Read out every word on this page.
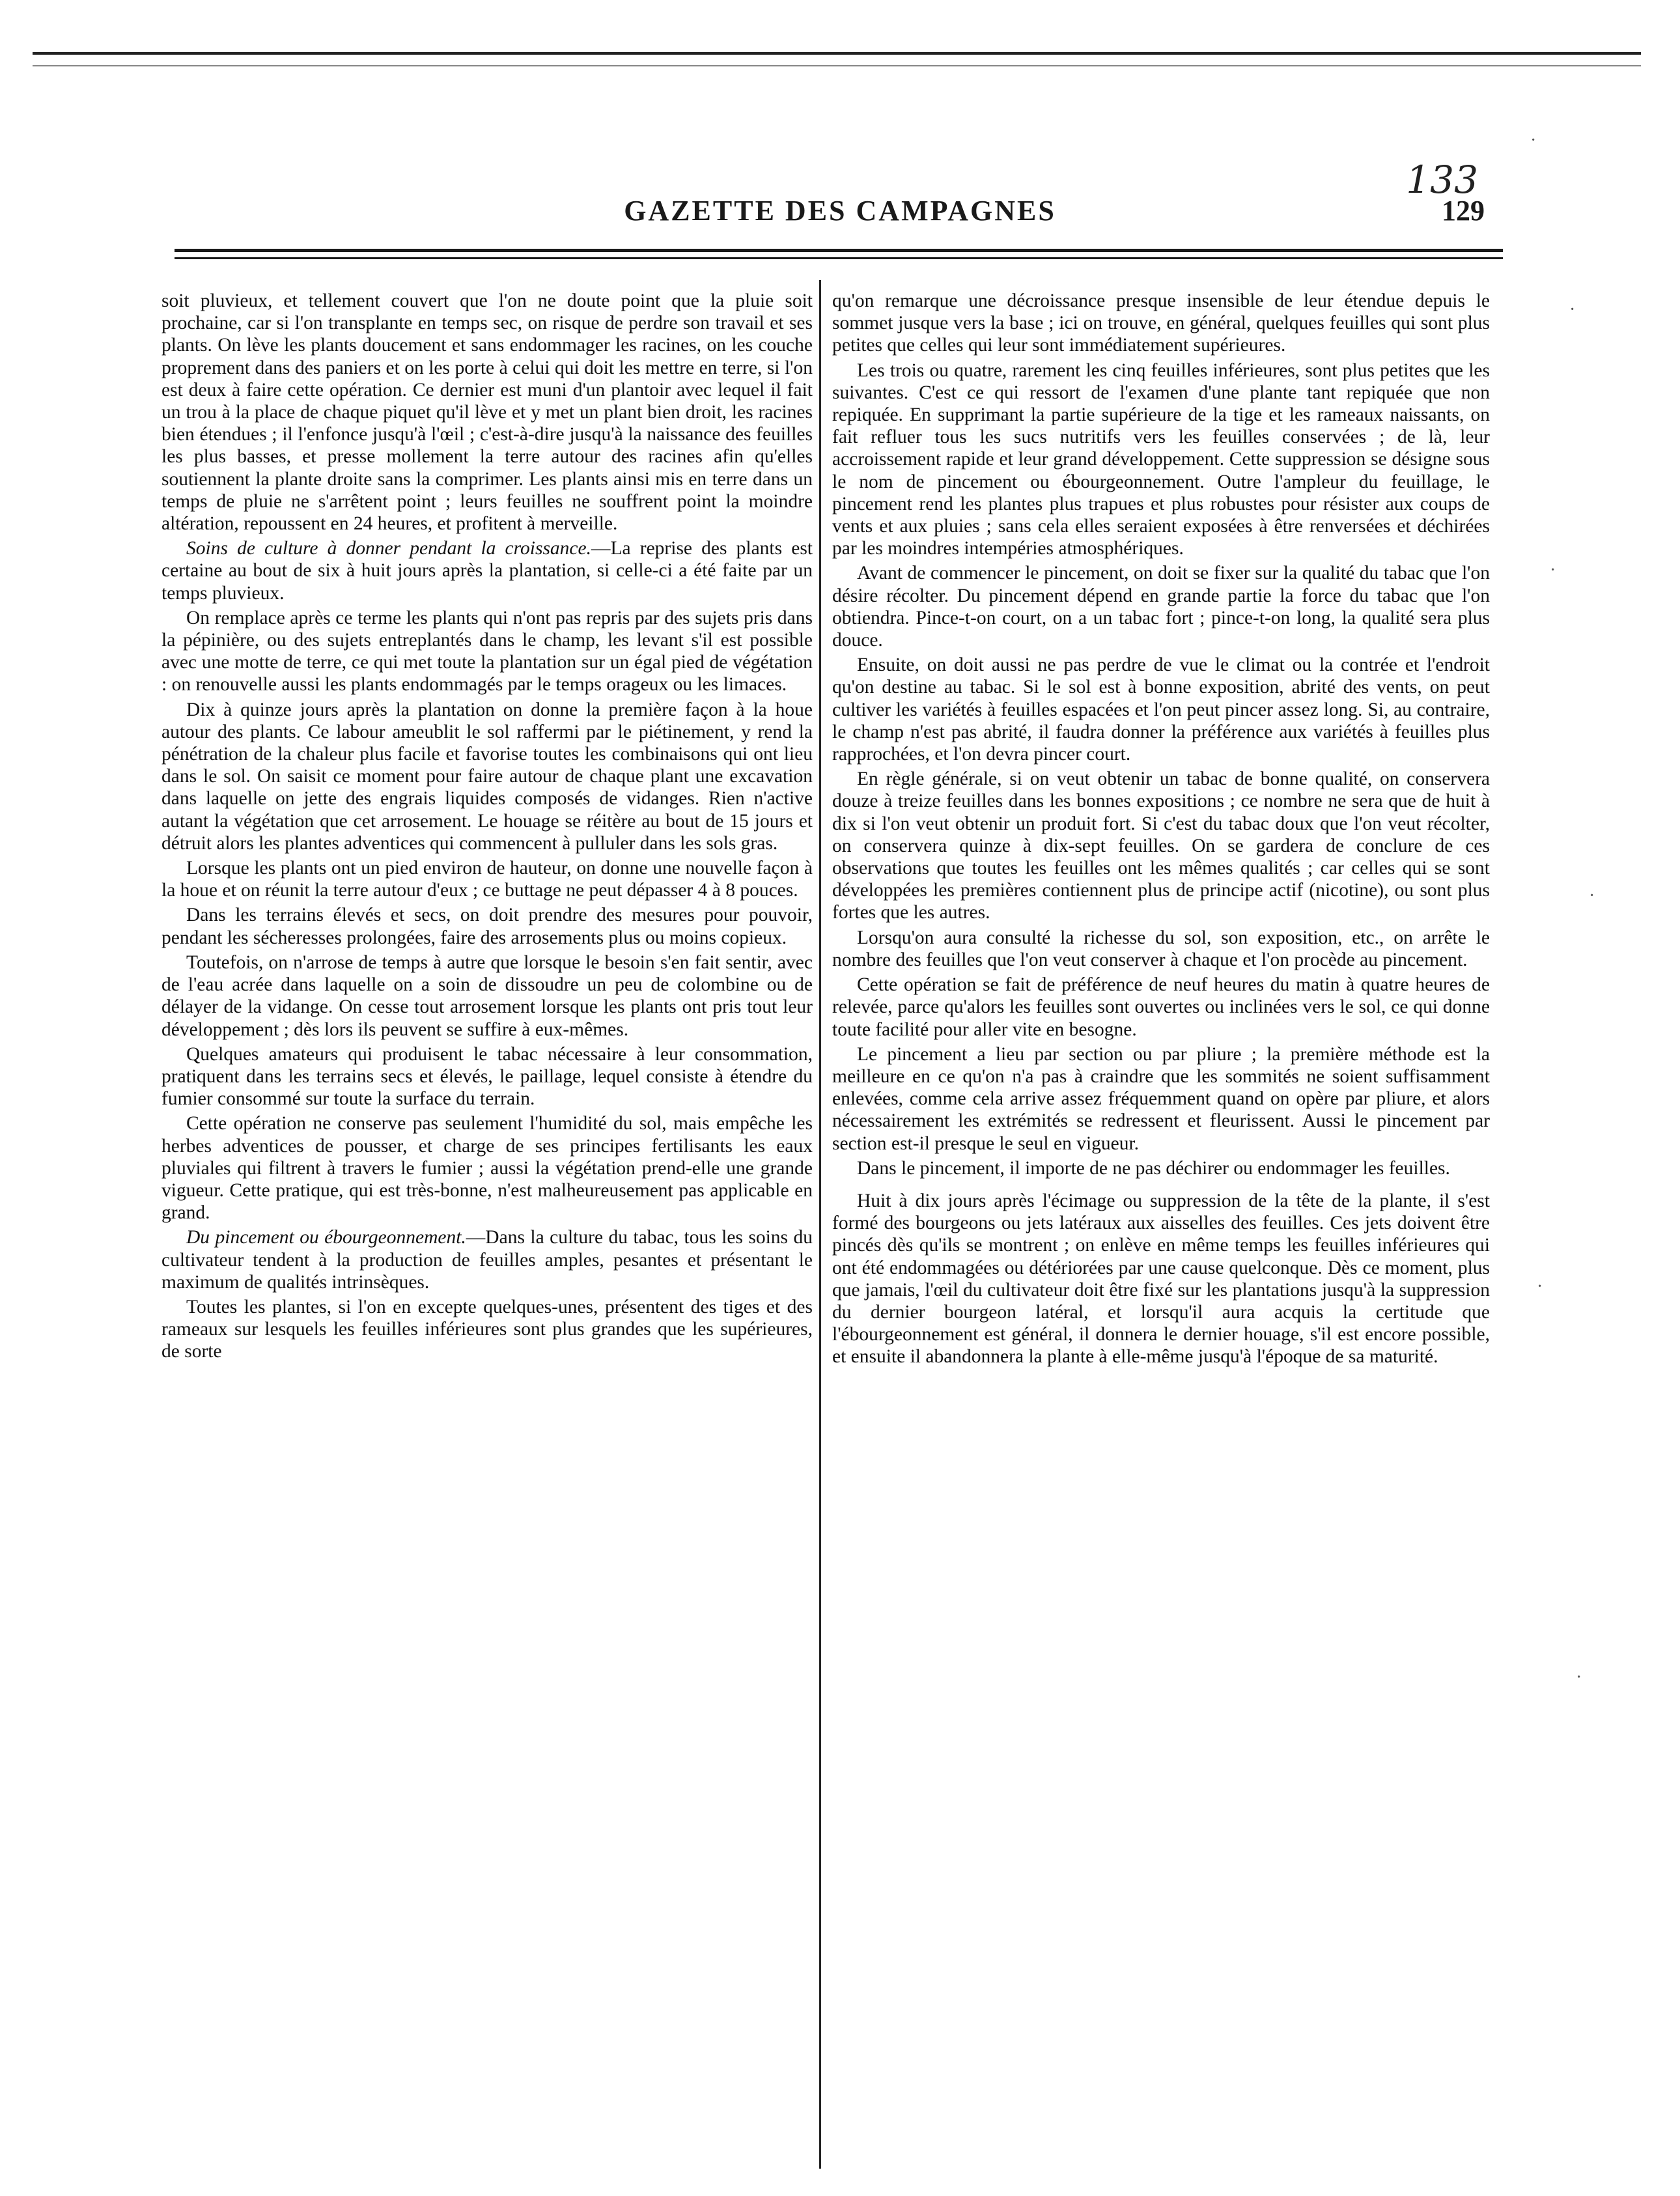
133
GAZETTE DES CAMPAGNES	129

soit pluvieux, et tellement couvert que l'on ne doute point que la pluie soit prochaine, car si l'on transplante en temps sec, on risque de perdre son travail et ses plants. On lève les plants doucement et sans endommager les racines, on les couche proprement dans des paniers et on les porte à celui qui doit les mettre en terre, si l'on est deux à faire cette opération. Ce dernier est muni d'un plantoir avec lequel il fait un trou à la place de chaque piquet qu'il lève et y met un plant bien droit, les racines bien étendues ; il l'enfonce jusqu'à l'œil ; c'est-à-dire jusqu'à la naissance des feuilles les plus basses, et presse mollement la terre autour des racines afin qu'elles soutiennent la plante droite sans la comprimer. Les plants ainsi mis en terre dans un temps de pluie ne s'arrêtent point ; leurs feuilles ne souffrent point la moindre altération, repoussent en 24 heures, et profitent à merveille.

Soins de culture à donner pendant la croissance.—La reprise des plants est certaine au bout de six à huit jours après la plantation, si celle-ci a été faite par un temps pluvieux.

On remplace après ce terme les plants qui n'ont pas repris par des sujets pris dans la pépinière, ou des sujets entreplantés dans le champ, les levant s'il est possible avec une motte de terre, ce qui met toute la plantation sur un égal pied de végétation : on renouvelle aussi les plants endommagés par le temps orageux ou les limaces.

Dix à quinze jours après la plantation on donne la première façon à la houe autour des plants. Ce labour ameublit le sol raffermi par le piétinement, y rend la pénétration de la chaleur plus facile et favorise toutes les combinaisons qui ont lieu dans le sol. On saisit ce moment pour faire autour de chaque plant une excavation dans laquelle on jette des engrais liquides composés de vidanges. Rien n'active autant la végétation que cet arrosement. Le houage se réitère au bout de 15 jours et détruit alors les plantes adventices qui commencent à pulluler dans les sols gras.

Lorsque les plants ont un pied environ de hauteur, on donne une nouvelle façon à la houe et on réunit la terre autour d'eux ; ce buttage ne peut dépasser 4 à 8 pouces.

Dans les terrains élevés et secs, on doit prendre des mesures pour pouvoir, pendant les sécheresses prolongées, faire des arrosements plus ou moins copieux.

Toutefois, on n'arrose de temps à autre que lorsque le besoin s'en fait sentir, avec de l'eau acrée dans laquelle on a soin de dissoudre un peu de colombine ou de délayer de la vidange. On cesse tout arrosement lorsque les plants ont pris tout leur développement ; dès lors ils peuvent se suffire à eux-mêmes.

Quelques amateurs qui produisent le tabac nécessaire à leur consommation, pratiquent dans les terrains secs et élevés, le paillage, lequel consiste à étendre du fumier consommé sur toute la surface du terrain.

Cette opération ne conserve pas seulement l'humidité du sol, mais empêche les herbes adventices de pousser, et charge de ses principes fertilisants les eaux pluviales qui filtrent à travers le fumier ; aussi la végétation prend-elle une grande vigueur. Cette pratique, qui est très-bonne, n'est malheureusement pas applicable en grand.

Du pincement ou ébourgeonnement.—Dans la culture du tabac, tous les soins du cultivateur tendent à la production de feuilles amples, pesantes et présentant le maximum de qualités intrinsèques.

Toutes les plantes, si l'on en excepte quelques-unes, présentent des tiges et des rameaux sur lesquels les feuilles inférieures sont plus grandes que les supérieures, de sorte

qu'on remarque une décroissance presque insensible de leur étendue depuis le sommet jusque vers la base ; ici on trouve, en général, quelques feuilles qui sont plus petites que celles qui leur sont immédiatement supérieures.

Les trois ou quatre, rarement les cinq feuilles inférieures, sont plus petites que les suivantes. C'est ce qui ressort de l'examen d'une plante tant repiquée que non repiquée. En supprimant la partie supérieure de la tige et les rameaux naissants, on fait refluer tous les sucs nutritifs vers les feuilles conservées ; de là, leur accroissement rapide et leur grand développement. Cette suppression se désigne sous le nom de pincement ou ébourgeonnement. Outre l'ampleur du feuillage, le pincement rend les plantes plus trapues et plus robustes pour résister aux coups de vents et aux pluies ; sans cela elles seraient exposées à être renversées et déchirées par les moindres intempéries atmosphériques.

Avant de commencer le pincement, on doit se fixer sur la qualité du tabac que l'on désire récolter. Du pincement dépend en grande partie la force du tabac que l'on obtiendra. Pince-t-on court, on a un tabac fort ; pince-t-on long, la qualité sera plus douce.

Ensuite, on doit aussi ne pas perdre de vue le climat ou la contrée et l'endroit qu'on destine au tabac. Si le sol est à bonne exposition, abrité des vents, on peut cultiver les variétés à feuilles espacées et l'on peut pincer assez long. Si, au contraire, le champ n'est pas abrité, il faudra donner la préférence aux variétés à feuilles plus rapprochées, et l'on devra pincer court.

En règle générale, si on veut obtenir un tabac de bonne qualité, on conservera douze à treize feuilles dans les bonnes expositions ; ce nombre ne sera que de huit à dix si l'on veut obtenir un produit fort. Si c'est du tabac doux que l'on veut récolter, on conservera quinze à dix-sept feuilles. On se gardera de conclure de ces observations que toutes les feuilles ont les mêmes qualités ; car celles qui se sont développées les premières contiennent plus de principe actif (nicotine), ou sont plus fortes que les autres.

Lorsqu'on aura consulté la richesse du sol, son exposition, etc., on arrête le nombre des feuilles que l'on veut conserver à chaque et l'on procède au pincement.

Cette opération se fait de préférence de neuf heures du matin à quatre heures de relevée, parce qu'alors les feuilles sont ouvertes ou inclinées vers le sol, ce qui donne toute facilité pour aller vite en besogne.

Le pincement a lieu par section ou par pliure ; la première méthode est la meilleure en ce qu'on n'a pas à craindre que les sommités ne soient suffisamment enlevées, comme cela arrive assez fréquemment quand on opère par pliure, et alors nécessairement les extrémités se redressent et fleurissent. Aussi le pincement par section est-il presque le seul en vigueur.

Dans le pincement, il importe de ne pas déchirer ou endommager les feuilles.

Huit à dix jours après l'écimage ou suppression de la tête de la plante, il s'est formé des bourgeons ou jets latéraux aux aisselles des feuilles. Ces jets doivent être pincés dès qu'ils se montrent ; on enlève en même temps les feuilles inférieures qui ont été endommagées ou détériorées par une cause quelconque. Dès ce moment, plus que jamais, l'œil du cultivateur doit être fixé sur les plantations jusqu'à la suppression du dernier bourgeon latéral, et lorsqu'il aura acquis la certitude que l'ébourgeonnement est général, il donnera le dernier houage, s'il est encore possible, et ensuite il abandonnera la plante à elle-même jusqu'à l'époque de sa maturité.

·
·
·
·
·
·
